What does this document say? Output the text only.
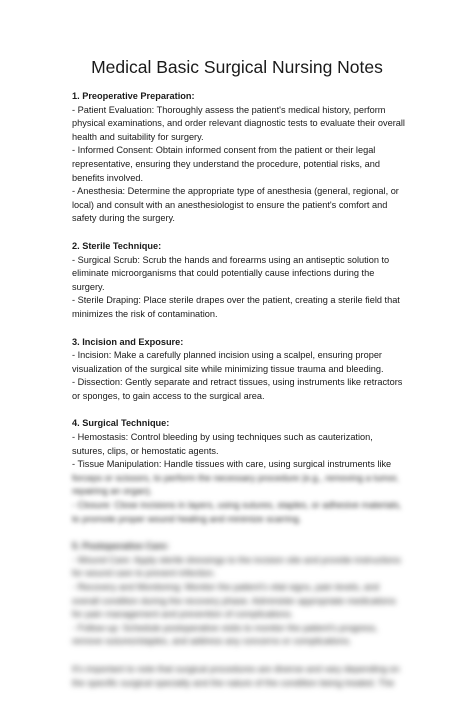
Medical Basic Surgical Nursing Notes

1. Preoperative Preparation:

- Patient Evaluation: Thoroughly assess the patient's medical history, perform physical examinations, and order relevant diagnostic tests to evaluate their overall health and suitability for surgery.

- Informed Consent: Obtain informed consent from the patient or their legal representative, ensuring they understand the procedure, potential risks, and benefits involved.

- Anesthesia: Determine the appropriate type of anesthesia (general, regional, or local) and consult with an anesthesiologist to ensure the patient's comfort and safety during the surgery.

2. Sterile Technique:

- Surgical Scrub: Scrub the hands and forearms using an antiseptic solution to eliminate microorganisms that could potentially cause infections during the surgery.

- Sterile Draping: Place sterile drapes over the patient, creating a sterile field that minimizes the risk of contamination.

3. Incision and Exposure:

- Incision: Make a carefully planned incision using a scalpel, ensuring proper visualization of the surgical site while minimizing tissue trauma and bleeding.

- Dissection: Gently separate and retract tissues, using instruments like retractors or sponges, to gain access to the surgical area.

4. Surgical Technique:

- Hemostasis: Control bleeding by using techniques such as cauterization, sutures, clips, or hemostatic agents.

- Tissue Manipulation: Handle tissues with care, using surgical instruments like

forceps or scissors, to perform the necessary procedure (e.g., removing a tumor, repairing an organ).

- Closure: Close incisions in layers, using sutures, staples, or adhesive materials, to promote proper wound healing and minimize scarring.

5. Postoperative Care:

- Wound Care: Apply sterile dressings to the incision site and provide instructions for wound care to prevent infection.

- Recovery and Monitoring: Monitor the patient's vital signs, pain levels, and overall condition during the recovery phase. Administer appropriate medications for pain management and prevention of complications.

- Follow-up: Schedule postoperative visits to monitor the patient's progress, remove sutures/staples, and address any concerns or complications.

It's important to note that surgical procedures are diverse and vary depending on the specific surgical specialty and the nature of the condition being treated. The
